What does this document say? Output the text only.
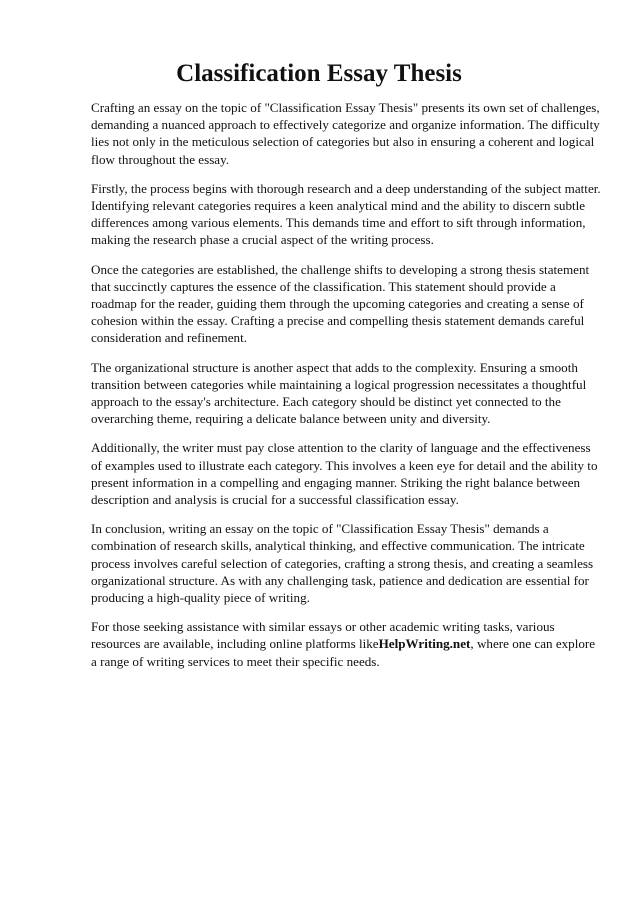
Classification Essay Thesis

Crafting an essay on the topic of "Classification Essay Thesis" presents its own set of challenges, demanding a nuanced approach to effectively categorize and organize information. The difficulty lies not only in the meticulous selection of categories but also in ensuring a coherent and logical flow throughout the essay.

Firstly, the process begins with thorough research and a deep understanding of the subject matter. Identifying relevant categories requires a keen analytical mind and the ability to discern subtle differences among various elements. This demands time and effort to sift through information, making the research phase a crucial aspect of the writing process.

Once the categories are established, the challenge shifts to developing a strong thesis statement that succinctly captures the essence of the classification. This statement should provide a roadmap for the reader, guiding them through the upcoming categories and creating a sense of cohesion within the essay. Crafting a precise and compelling thesis statement demands careful consideration and refinement.

The organizational structure is another aspect that adds to the complexity. Ensuring a smooth transition between categories while maintaining a logical progression necessitates a thoughtful approach to the essay's architecture. Each category should be distinct yet connected to the overarching theme, requiring a delicate balance between unity and diversity.

Additionally, the writer must pay close attention to the clarity of language and the effectiveness of examples used to illustrate each category. This involves a keen eye for detail and the ability to present information in a compelling and engaging manner. Striking the right balance between description and analysis is crucial for a successful classification essay.

In conclusion, writing an essay on the topic of "Classification Essay Thesis" demands a combination of research skills, analytical thinking, and effective communication. The intricate process involves careful selection of categories, crafting a strong thesis, and creating a seamless organizational structure. As with any challenging task, patience and dedication are essential for producing a high-quality piece of writing.

For those seeking assistance with similar essays or other academic writing tasks, various resources are available, including online platforms likeHelpWriting.net, where one can explore a range of writing services to meet their specific needs.
